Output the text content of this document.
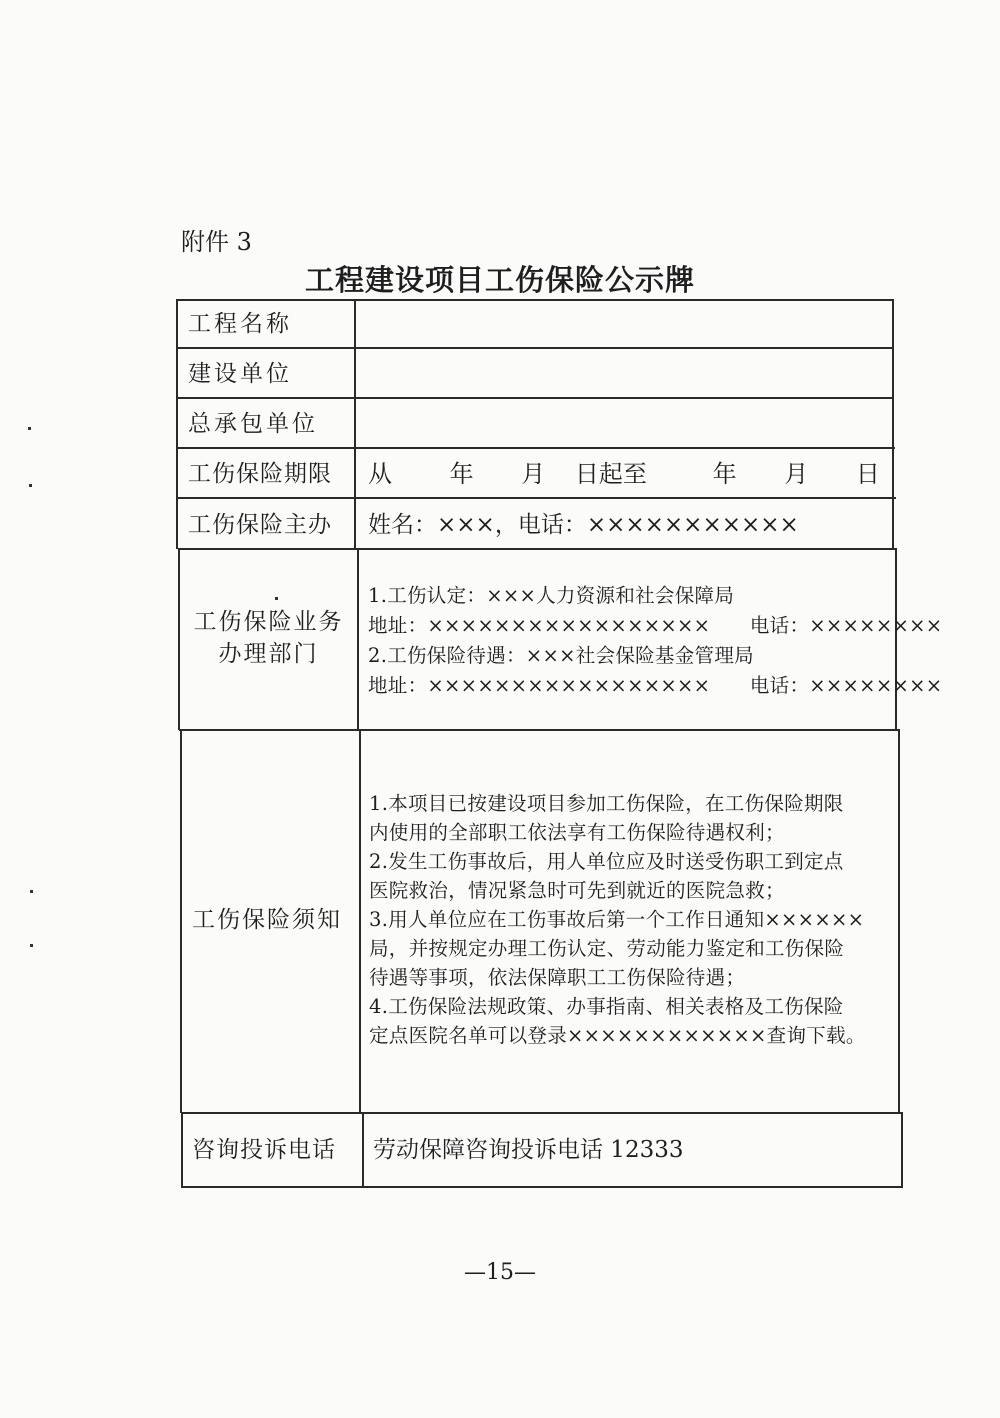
附件 3
工程建设项目工伤保险公示牌
工程名称
建设单位
总承包单位
工伤保险期限 从 年 月 日起至	年 月 日
工伤保险主办 姓名：×××，电话：×××××××××××
工伤保险业务
办理部门
1.工伤认定：×××人力资源和社会保障局
地址：×××××××××××××××××　　电话：××××××××
2.工伤保险待遇：×××社会保险基金管理局
地址：×××××××××××××××××　　电话：××××××××
工伤保险须知

1.本项目已按建设项目参加工伤保险，在工伤保险期限

内使用的全部职工依法享有工伤保险待遇权利；

2.发生工伤事故后，用人单位应及时送受伤职工到定点

医院救治，情况紧急时可先到就近的医院急救；

3.用人单位应在工伤事故后第一个工作日通知××××××

局，并按规定办理工伤认定、劳动能力鉴定和工伤保险

待遇等事项，依法保障职工工伤保险待遇；

4.工伤保险法规政策、办事指南、相关表格及工伤保险

定点医院名单可以登录××××××××××××查询下载。

咨询投诉电话 劳动保障咨询投诉电话 12333
—15—
